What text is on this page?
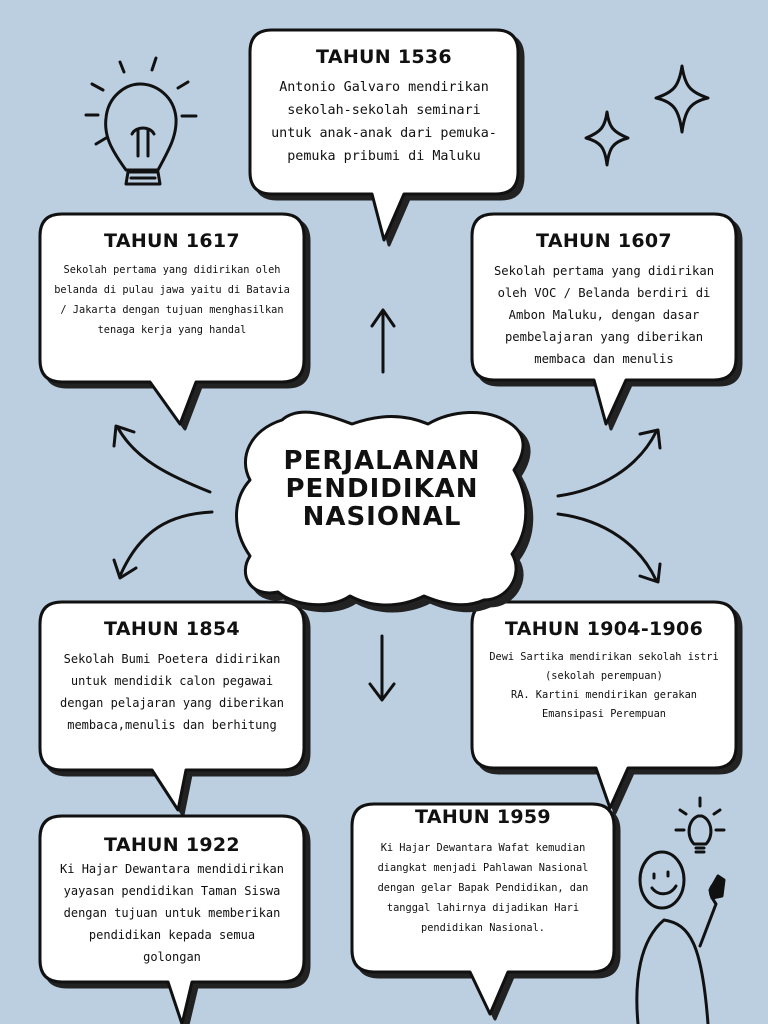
PERJALANAN
PENDIDIKAN
NASIONAL

TAHUN 1536

Antonio Galvaro mendirikan
sekolah-sekolah seminari
untuk anak-anak dari pemuka-
pemuka pribumi di Maluku

TAHUN 1617

Sekolah pertama yang didirikan oleh
belanda di pulau jawa yaitu di Batavia
/ Jakarta dengan tujuan menghasilkan
tenaga kerja yang handal

TAHUN 1607

Sekolah pertama yang didirikan
oleh VOC / Belanda berdiri di
Ambon Maluku, dengan dasar
pembelajaran yang diberikan
membaca dan menulis

TAHUN 1854

Sekolah Bumi Poetera didirikan
untuk mendidik calon pegawai
dengan pelajaran yang diberikan
membaca,menulis dan berhitung

TAHUN 1904-1906

Dewi Sartika mendirikan sekolah istri
(sekolah perempuan)
RA. Kartini mendirikan gerakan
Emansipasi Perempuan

TAHUN 1922

Ki Hajar Dewantara mendidirikan
yayasan pendidikan Taman Siswa
dengan tujuan untuk memberikan
pendidikan kepada semua
golongan

TAHUN 1959

Ki Hajar Dewantara Wafat kemudian
diangkat menjadi Pahlawan Nasional
dengan gelar Bapak Pendidikan, dan
tanggal lahirnya dijadikan Hari
pendidikan Nasional.
